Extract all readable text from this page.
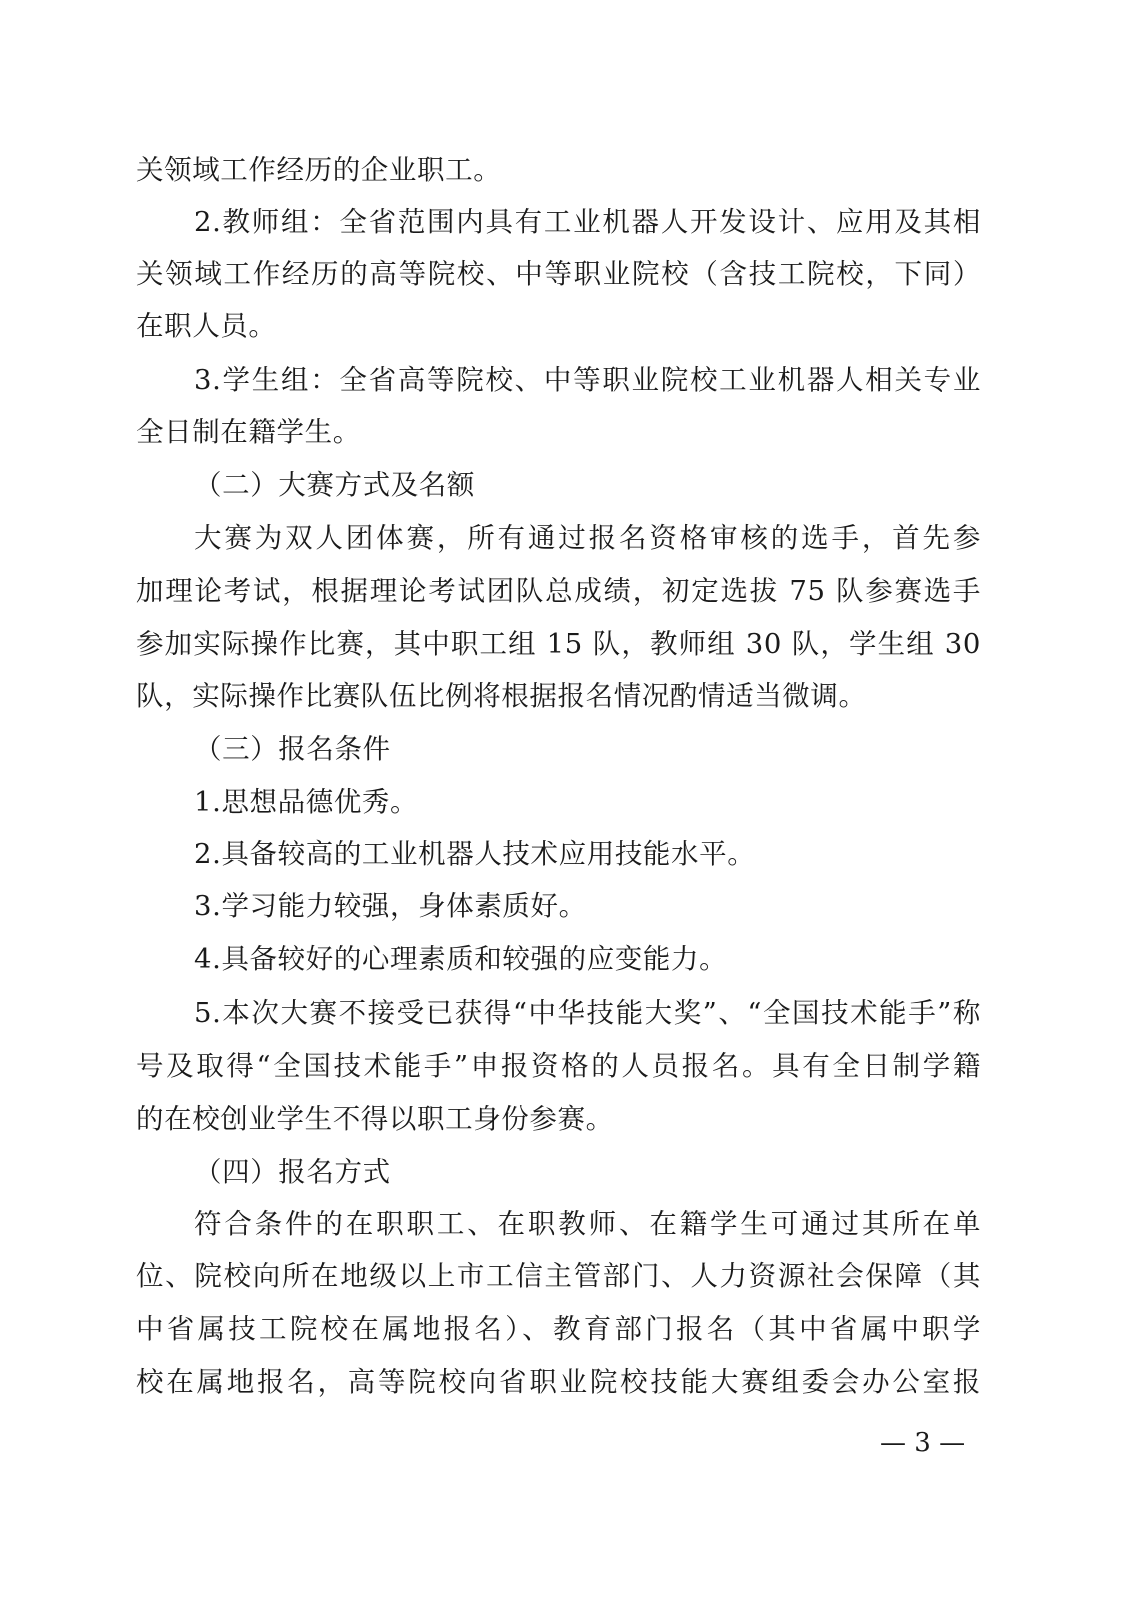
关领域工作经历的企业职工。
2.教师组：全省范围内具有工业机器人开发设计、应用及其相
关领域工作经历的高等院校、中等职业院校（含技工院校，下同）
在职人员。
3.学生组：全省高等院校、中等职业院校工业机器人相关专业
全日制在籍学生。
（二）大赛方式及名额
大赛为双人团体赛，所有通过报名资格审核的选手，首先参
加理论考试，根据理论考试团队总成绩，初定选拔 75 队参赛选手
参加实际操作比赛，其中职工组 15 队，教师组 30 队，学生组 30
队，实际操作比赛队伍比例将根据报名情况酌情适当微调。
（三）报名条件
1.思想品德优秀。
2.具备较高的工业机器人技术应用技能水平。
3.学习能力较强，身体素质好。
4.具备较好的心理素质和较强的应变能力。
5.本次大赛不接受已获得“中华技能大奖”、“全国技术能手”称
号及取得“全国技术能手”申报资格的人员报名。具有全日制学籍
的在校创业学生不得以职工身份参赛。
（四）报名方式
符合条件的在职职工、在职教师、在籍学生可通过其所在单
位、院校向所在地级以上市工信主管部门、人力资源社会保障（其
中省属技工院校在属地报名）、教育部门报名（其中省属中职学
校在属地报名，高等院校向省职业院校技能大赛组委会办公室报
— 3 —
